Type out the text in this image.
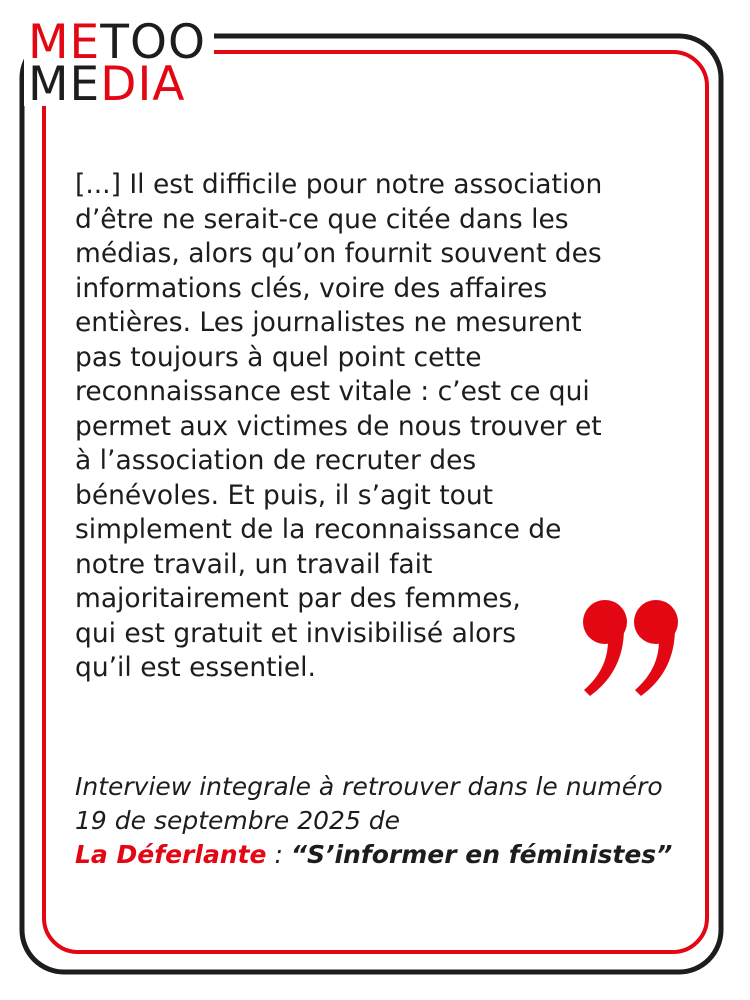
METOO
MEDIA

[...] Il est difficile pour notre association
d’être ne serait-ce que citée dans les
médias, alors qu’on fournit souvent des
informations clés, voire des affaires
entières. Les journalistes ne mesurent
pas toujours à quel point cette
reconnaissance est vitale : c’est ce qui
permet aux victimes de nous trouver et
à l’association de recruter des
bénévoles. Et puis, il s’agit tout
simplement de la reconnaissance de
notre travail, un travail fait
majoritairement par des femmes,
qui est gratuit et invisibilisé alors
qu’il est essentiel.

Interview integrale à retrouver dans le numéro 19 de septembre 2025 de
La Déferlante : “S’informer en féministes”
